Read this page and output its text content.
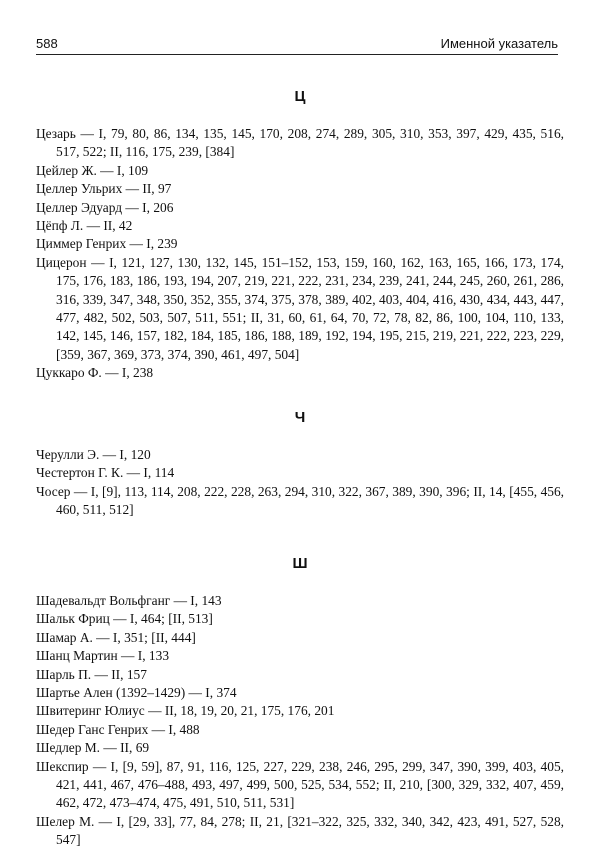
588	Именной указатель
Ц
Цезарь — I, 79, 80, 86, 134, 135, 145, 170, 208, 274, 289, 305, 310, 353, 397, 429, 435, 516, 517, 522; II, 116, 175, 239, [384]
Цейлер Ж. — I, 109
Целлер Ульрих — II, 97
Целлер Эдуард — I, 206
Цёпф Л. — II, 42
Циммер Генрих — I, 239
Цицерон — I, 121, 127, 130, 132, 145, 151–152, 153, 159, 160, 162, 163, 165, 166, 173, 174, 175, 176, 183, 186, 193, 194, 207, 219, 221, 222, 231, 234, 239, 241, 244, 245, 260, 261, 286, 316, 339, 347, 348, 350, 352, 355, 374, 375, 378, 389, 402, 403, 404, 416, 430, 434, 443, 447, 477, 482, 502, 503, 507, 511, 551; II, 31, 60, 61, 64, 70, 72, 78, 82, 86, 100, 104, 110, 133, 142, 145, 146, 157, 182, 184, 185, 186, 188, 189, 192, 194, 195, 215, 219, 221, 222, 223, 229, [359, 367, 369, 373, 374, 390, 461, 497, 504]
Цуккаро Ф. — I, 238
Ч
Черулли Э. — I, 120
Честертон Г. К. — I, 114
Чосер — I, [9], 113, 114, 208, 222, 228, 263, 294, 310, 322, 367, 389, 390, 396; II, 14, [455, 456, 460, 511, 512]
Ш
Шадевальдт Вольфганг — I, 143
Шальк Фриц — I, 464; [II, 513]
Шамар А. — I, 351; [II, 444]
Шанц Мартин — I, 133
Шарль П. — II, 157
Шартье Ален (1392–1429) — I, 374
Швитеринг Юлиус — II, 18, 19, 20, 21, 175, 176, 201
Шедер Ганс Генрих — I, 488
Шедлер М. — II, 69
Шекспир — I, [9, 59], 87, 91, 116, 125, 227, 229, 238, 246, 295, 299, 347, 390, 399, 403, 405, 421, 441, 467, 476–488, 493, 497, 499, 500, 525, 534, 552; II, 210, [300, 329, 332, 407, 459, 462, 472, 473–474, 475, 491, 510, 511, 531]
Шелер М. — I, [29, 33], 77, 84, 278; II, 21, [321–322, 325, 332, 340, 342, 423, 491, 527, 528, 547]
